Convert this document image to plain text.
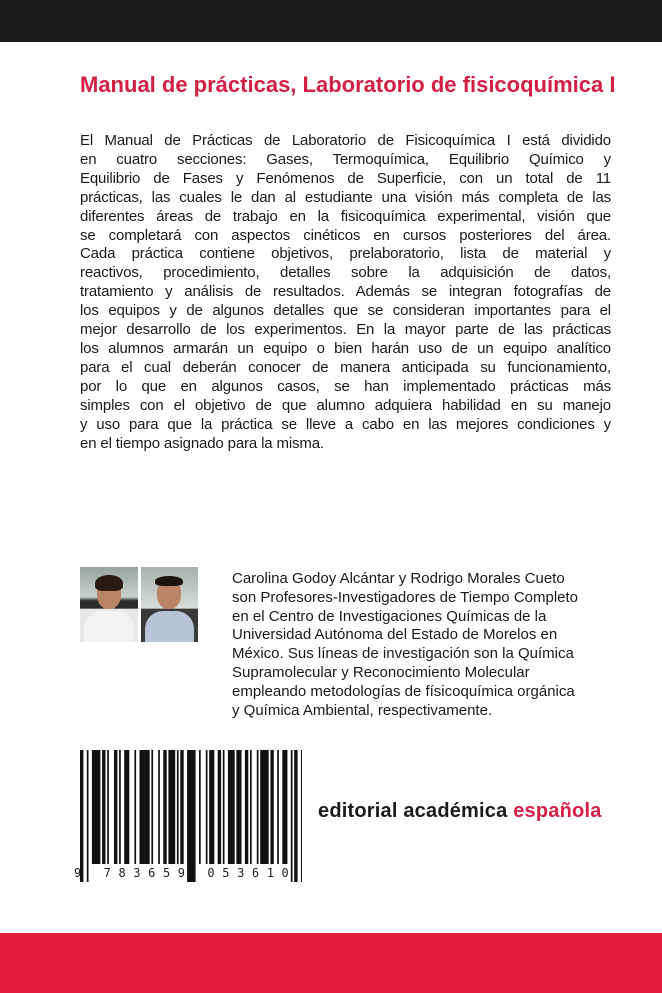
Manual de prácticas, Laboratorio de fisicoquímica I
El Manual de Prácticas de Laboratorio de Fisicoquímica I está dividido
en cuatro secciones: Gases, Termoquímica, Equilibrio Químico y
Equilibrio de Fases y Fenómenos de Superficie, con un total de 11
prácticas, las cuales le dan al estudiante una visión más completa de las
diferentes áreas de trabajo en la fisicoquímica experimental, visión que
se completará con aspectos cinéticos en cursos posteriores del área.
Cada práctica contiene objetivos, prelaboratorio, lista de material y
reactivos, procedimiento, detalles sobre la adquisición de datos,
tratamiento y análisis de resultados. Además se integran fotografías de
los equipos y de algunos detalles que se consideran importantes para el
mejor desarrollo de los experimentos. En la mayor parte de las prácticas
los alumnos armarán un equipo o bien harán uso de un equipo analítico
para el cual deberán conocer de manera anticipada su funcionamiento,
por lo que en algunos casos, se han implementado prácticas más
simples con el objetivo de que alumno adquiera habilidad en su manejo
y uso para que la práctica se lleve a cabo en las mejores condiciones y
en el tiempo asignado para la misma.
Carolina Godoy Alcántar y Rodrigo Morales Cueto
son Profesores-Investigadores de Tiempo Completo
en el Centro de Investigaciones Químicas de la
Universidad Autónoma del Estado de Morelos en
México. Sus líneas de investigación son la Química
Supramolecular y Reconocimiento Molecular
empleando metodologías de físicoquímica orgánica
y Química Ambiental, respectivamente.
9 783659 053610
editorial académica española
